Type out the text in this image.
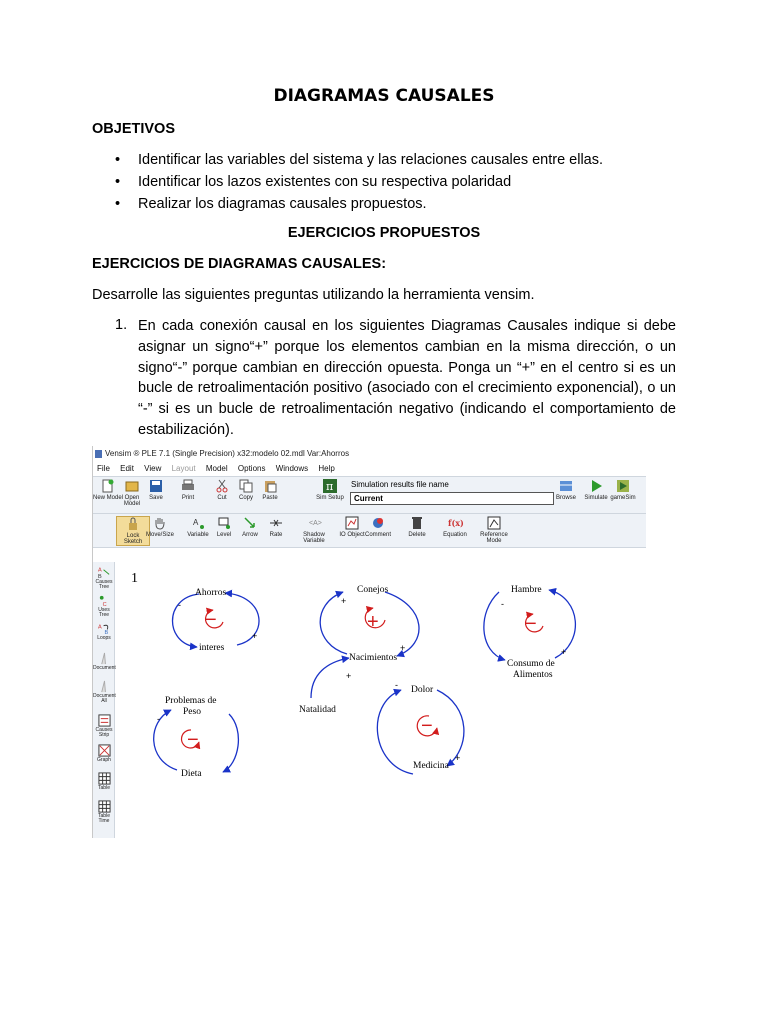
DIAGRAMAS CAUSALES
OBJETIVOS
• Identificar las variables del sistema y las relaciones causales entre ellas.
• Identificar los lazos existentes con su respectiva polaridad
• Realizar los diagramas causales propuestos.
EJERCICIOS PROPUESTOS
EJERCICIOS DE DIAGRAMAS CAUSALES:
Desarrolle las siguientes preguntas utilizando la herramienta vensim.
1. En cada conexión causal en los siguientes Diagramas Causales indique si debe asignar un signo“+” porque los elementos cambian en la misma dirección, o un signo“-” porque cambian en dirección opuesta. Ponga un “+” en el centro si es un bucle de retroalimentación positivo (asociado con el crecimiento exponencial), o un “-” si es un bucle de retroalimentación negativo (indicando el comportamiento de estabilización).
Vensim ® PLE 7.1 (Single Precision) x32:modelo 02.mdl Var:Ahorros
File Edit View Layout Model Options Windows Help
New Model Open Model
Save	Print	Cut	Copy	Paste
π
Sim Setup
Simulation results file name
Current	Browse	Simulate gameSim
Lock Sketch
Move/Size
A
Variable	Level	Arrow	Rate
<A>
Shadow Variable
IO Object Comment	Delete
f(x)
Equation	Reference Mode
A
B
Causes Tree
C
Uses Tree
A
B
Loops
Document
Document All
Causes Strip
Graph
Table
Table Time
1
Ahorros
interes
-
+
−
Conejos
Nacimientos
Natalidad
+
+
+
+
Hambre
Consumo de
Alimentos
-
+
−
Problemas de
Peso
Dieta
-
−
Dolor
Medicina
-
+
−
